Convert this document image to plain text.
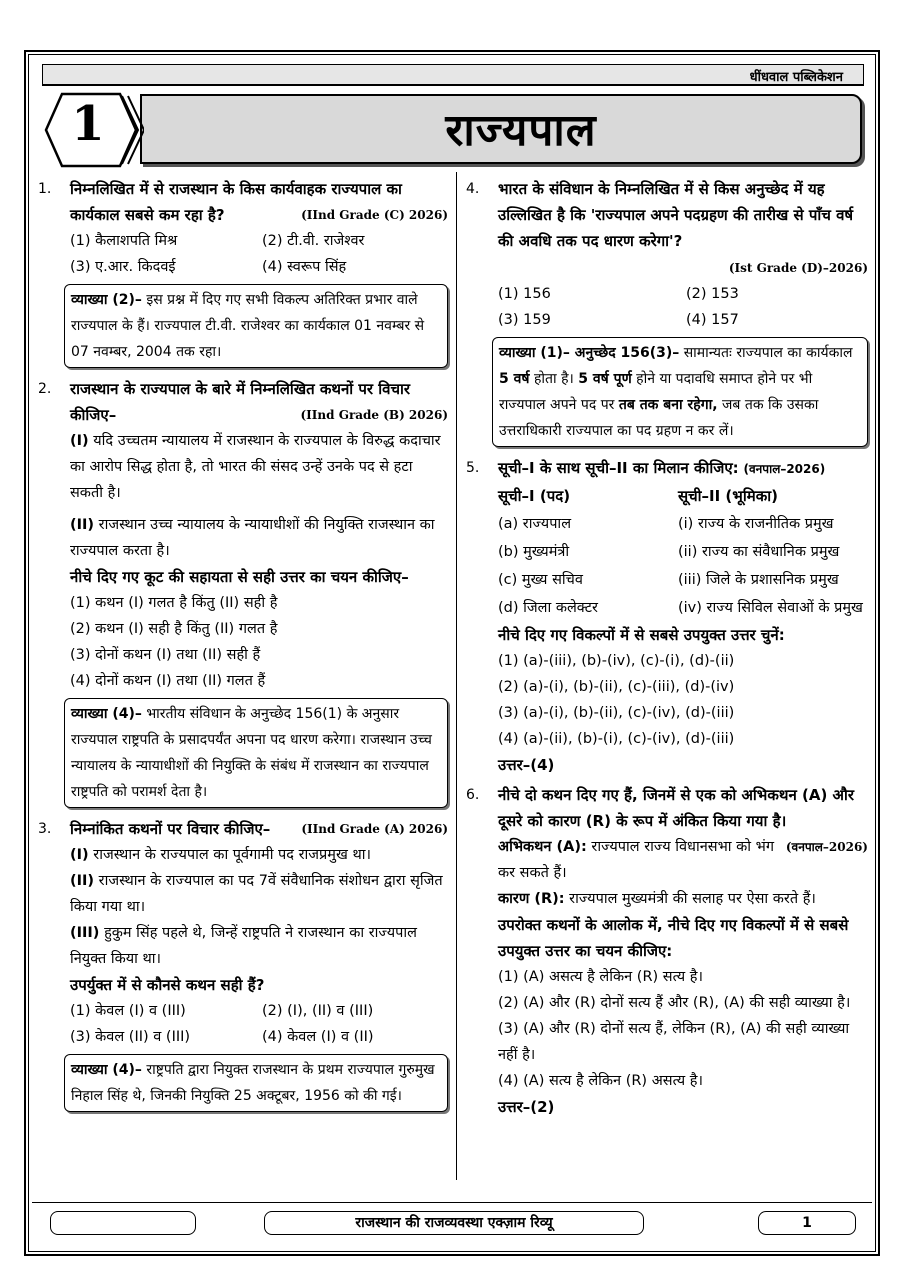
धींधवाल पब्लिकेशन
राज्यपाल
1
1. निम्नलिखित में से राजस्थान के किस कार्यवाहक राज्यपाल का कार्यकाल सबसे कम रहा है?	(IInd Grade (C) 2026)
(1) कैलाशपति मिश्र	(2) टी.वी. राजेश्वर
(3) ए.आर. किदवई	(4) स्वरूप सिंह
व्याख्या (2)– इस प्रश्न में दिए गए सभी विकल्प अतिरिक्त प्रभार वाले राज्यपाल के हैं। राज्यपाल टी.वी. राजेश्वर का कार्यकाल 01 नवम्बर से 07 नवम्बर, 2004 तक रहा।
2. राजस्थान के राज्यपाल के बारे में निम्नलिखित कथनों पर विचार कीजिए–	(IInd Grade (B) 2026)
(I) यदि उच्चतम न्यायालय में राजस्थान के राज्यपाल के विरुद्ध कदाचार का आरोप सिद्ध होता है, तो भारत की संसद उन्हें उनके पद से हटा सकती है।
(II) राजस्थान उच्च न्यायालय के न्यायाधीशों की नियुक्ति राजस्थान का राज्यपाल करता है।
नीचे दिए गए कूट की सहायता से सही उत्तर का चयन कीजिए–
(1) कथन (I) गलत है किंतु (II) सही है
(2) कथन (I) सही है किंतु (II) गलत है
(3) दोनों कथन (I) तथा (II) सही हैं
(4) दोनों कथन (I) तथा (II) गलत हैं
व्याख्या (4)– भारतीय संविधान के अनुच्छेद 156(1) के अनुसार राज्यपाल राष्ट्रपति के प्रसादपर्यंत अपना पद धारण करेगा। राजस्थान उच्च न्यायालय के न्यायाधीशों की नियुक्ति के संबंध में राजस्थान का राज्यपाल राष्ट्रपति को परामर्श देता है।
3. निम्नांकित कथनों पर विचार कीजिए–	(IInd Grade (A) 2026)
(I) राजस्थान के राज्यपाल का पूर्वगामी पद राजप्रमुख था।
(II) राजस्थान के राज्यपाल का पद 7वें संवैधानिक संशोधन द्वारा सृजित किया गया था।
(III) हुकुम सिंह पहले थे, जिन्हें राष्ट्रपति ने राजस्थान का राज्यपाल नियुक्त किया था।
उपर्युक्त में से कौनसे कथन सही हैं?
(1) केवल (I) व (III)	(2) (I), (II) व (III)
(3) केवल (II) व (III)	(4) केवल (I) व (II)
व्याख्या (4)– राष्ट्रपति द्वारा नियुक्त राजस्थान के प्रथम राज्यपाल गुरुमुख निहाल सिंह थे, जिनकी नियुक्ति 25 अक्टूबर, 1956 को की गई।
4. भारत के संविधान के निम्नलिखित में से किस अनुच्छेद में यह उल्लिखित है कि 'राज्यपाल अपने पदग्रहण की तारीख से पाँच वर्ष की अवधि तक पद धारण करेगा'?
(Ist Grade (D)–2026)
(1) 156	(2) 153
(3) 159	(4) 157
व्याख्या (1)– अनुच्छेद 156(3)– सामान्यतः राज्यपाल का कार्यकाल 5 वर्ष होता है। 5 वर्ष पूर्ण होने या पदावधि समाप्त होने पर भी राज्यपाल अपने पद पर तब तक बना रहेगा, जब तक कि उसका उत्तराधिकारी राज्यपाल का पद ग्रहण न कर लें।
5. सूची–I के साथ सूची–II का मिलान कीजिए: (वनपाल–2026)
सूची–I (पद)	सूची–II (भूमिका)
(a) राज्यपाल	(i) राज्य के राजनीतिक प्रमुख
(b) मुख्यमंत्री	(ii) राज्य का संवैधानिक प्रमुख
(c) मुख्य सचिव	(iii) जिले के प्रशासनिक प्रमुख
(d) जिला कलेक्टर	(iv) राज्य सिविल सेवाओं के प्रमुख
नीचे दिए गए विकल्पों में से सबसे उपयुक्त उत्तर चुनें:
(1) (a)-(iii), (b)-(iv), (c)-(i), (d)-(ii)
(2) (a)-(i), (b)-(ii), (c)-(iii), (d)-(iv)
(3) (a)-(i), (b)-(ii), (c)-(iv), (d)-(iii)
(4) (a)-(ii), (b)-(i), (c)-(iv), (d)-(iii)
उत्तर–(4)
6. नीचे दो कथन दिए गए हैं, जिनमें से एक को अभिकथन (A) और दूसरे को कारण (R) के रूप में अंकित किया गया है।
(वनपाल–2026)
अभिकथन (A): राज्यपाल राज्य विधानसभा को भंग कर सकते हैं।
कारण (R): राज्यपाल मुख्यमंत्री की सलाह पर ऐसा करते हैं।
उपरोक्त कथनों के आलोक में, नीचे दिए गए विकल्पों में से सबसे उपयुक्त उत्तर का चयन कीजिए:
(1) (A) असत्य है लेकिन (R) सत्य है।
(2) (A) और (R) दोनों सत्य हैं और (R), (A) की सही व्याख्या है।
(3) (A) और (R) दोनों सत्य हैं, लेकिन (R), (A) की सही व्याख्या नहीं है।
(4) (A) सत्य है लेकिन (R) असत्य है।
उत्तर–(2)
राजस्थान की राजव्यवस्था एक्ज़ाम रिव्यू	1
